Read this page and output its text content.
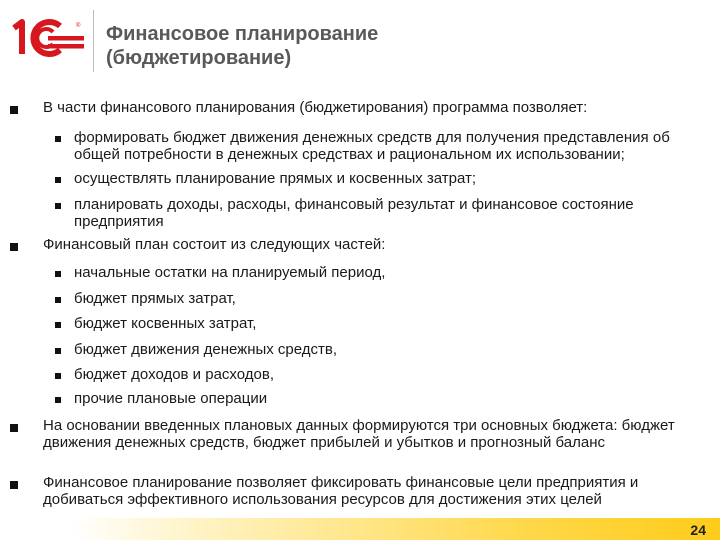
® Финансовое планирование
(бюджетирование)
В части финансового планирования (бюджетирования) программа позволяет:
формировать бюджет движения денежных средств для получения представления об общей потребности в денежных средствах и рациональном их использовании;
осуществлять планирование прямых и косвенных затрат;
планировать доходы, расходы, финансовый результат и финансовое состояние предприятия
Финансовый план состоит из следующих частей:
начальные остатки на планируемый период,
бюджет прямых затрат,
бюджет косвенных затрат,
бюджет движения денежных средств,
бюджет доходов и расходов,
прочие плановые операции
На основании введенных плановых данных формируются три основных бюджета: бюджет движения денежных средств, бюджет прибылей и убытков и прогнозный баланс
Финансовое планирование позволяет фиксировать финансовые цели предприятия и добиваться эффективного использования ресурсов для достижения этих целей
24
